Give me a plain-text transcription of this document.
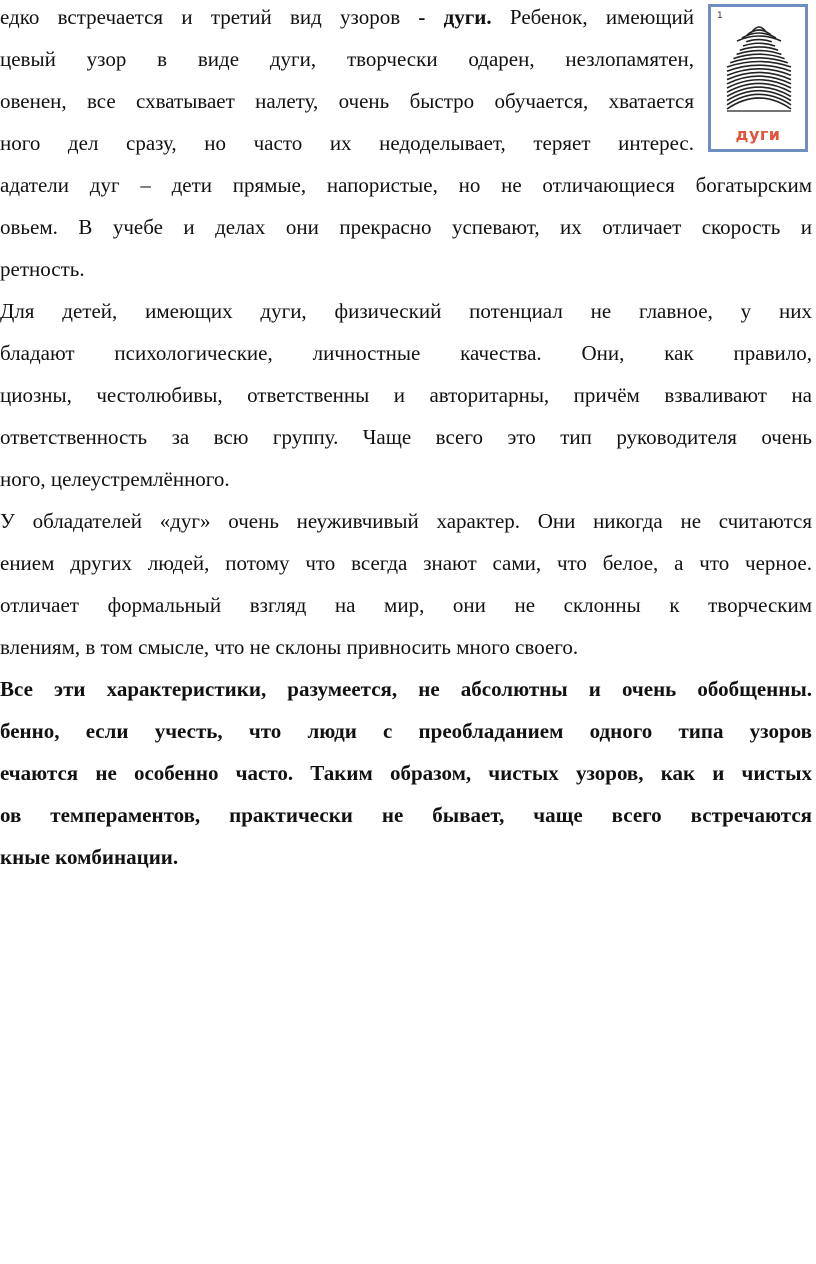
1
дуги
едко встречается и третий вид узоров - дуги. Ребенок, имеющий
цевый узор в виде дуги, творчески одарен, незлопамятен,
овенен, все схватывает налету, очень быстро обучается, хватается
ного дел сразу, но часто их недоделывает, теряет интерес.
адатели дуг – дети прямые, напористые, но не отличающиеся богатырским
овьем. В учебе и делах они прекрасно успевают, их отличает скорость и
ретность.
Для детей, имеющих дуги, физический потенциал не главное, у них
бладают психологические, личностные качества. Они, как правило,
циозны, честолюбивы, ответственны и авторитарны, причём взваливают на
ответственность за всю группу. Чаще всего это тип руководителя очень
ного, целеустремлённого.
У обладателей «дуг» очень неуживчивый характер. Они никогда не считаются
ением других людей, потому что всегда знают сами, что белое, а что черное.
отличает формальный взгляд на мир, они не склонны к творческим
влениям, в том смысле, что не склоны привносить много своего.
Все эти характеристики, разумеется, не абсолютны и очень обобщенны.
бенно, если учесть, что люди с преобладанием одного типа узоров
ечаются не особенно часто. Таким образом, чистых узоров, как и чистых
ов темпераментов, практически не бывает, чаще всего встречаются
кные комбинации.
